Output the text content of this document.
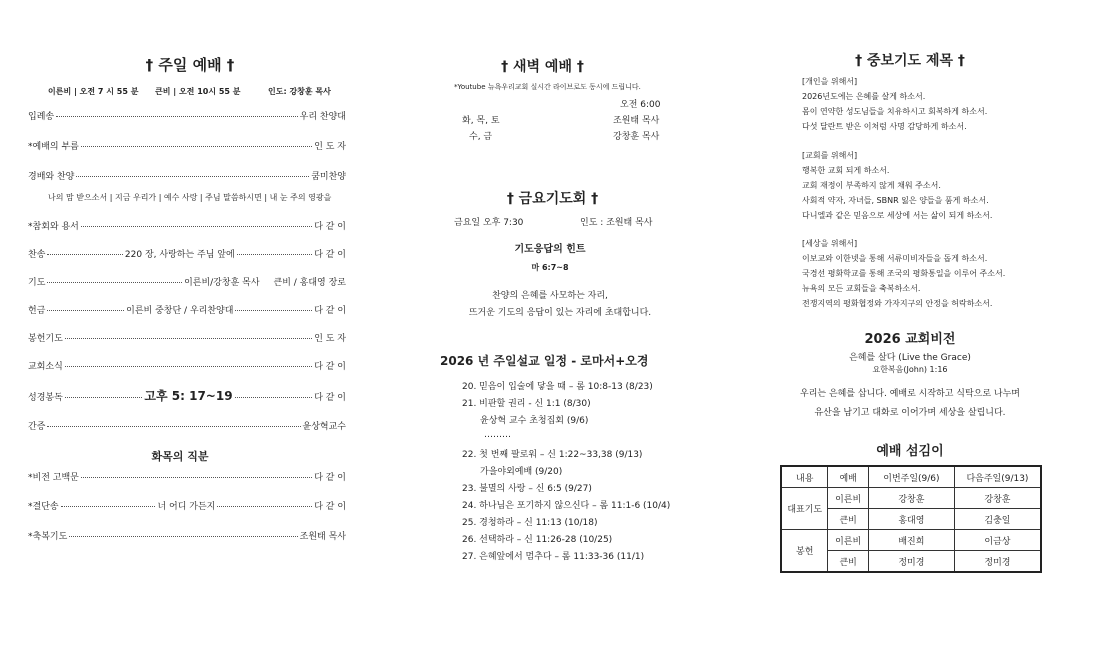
† 주일 예배 †
이른비 | 오전 7 시 55 분 큰비 | 오전 10시 55 분	인도: 강창훈 목사
입례송	우리 찬양대
*예배의 부름	인 도 자
경배와 찬양	쿰미찬양
나의 맘 받으소서 | 지금 우리가 | 예수 사랑 | 주님 말씀하시면 | 내 눈 주의 영광을
*참회와 용서	다 같 이
찬송	220 장, 사랑하는 주님 앞에	다 같 이
기도	이른비/강창훈 목사 큰비 / 홍대영 장로
헌금	이른비 중창단 / 우리찬양대	다 같 이
봉헌기도	인 도 자
교회소식	다 같 이
성경봉독	고후 5: 17~19	다 같 이
간증	윤상혁교수
화목의 직분
*비전 고백문	다 같 이
*결단송	너 어디 가든지	다 같 이
*축복기도	조원태 목사
† 새벽 예배 †
*Youtube 뉴욕우리교회 실시간 라이브로도 동시에 드립니다.
오전 6:00
화, 목, 토	조원태 목사
수, 금	강창훈 목사
† 금요기도회 †
금요일 오후 7:30	인도 : 조원태 목사
기도응답의 힌트
마 6:7~8
찬양의 은혜를 사모하는 자리,
뜨거운 기도의 응답이 있는 자리에 초대합니다.
2026 년 주일설교 일정 - 로마서+오경
20. 믿음이 입술에 닿을 때 – 롬 10:8-13 (8/23)
21. 비판할 권리 - 신 1:1 (8/30)
윤상혁 교수 초청집회 (9/6)
………
22. 첫 번째 팔로워 – 신 1:22~33,38 (9/13)
가을야외예배 (9/20)
23. 불멸의 사랑 – 신 6:5 (9/27)
24. 하나님은 포기하지 않으신다 – 롬 11:1-6 (10/4)
25. 경청하라 – 신 11:13 (10/18)
26. 선택하라 – 신 11:26-28 (10/25)
27. 은혜앞에서 멈추다 – 롬 11:33-36 (11/1)
† 중보기도 제목 †
[개인을 위해서]
2026년도에는 은혜를 살게 하소서.
몸이 연약한 성도님들을 치유하시고 회복하게 하소서.
다섯 달란트 받은 이처럼 사명 감당하게 하소서.
[교회를 위해서]
행복한 교회 되게 하소서.
교회 재정이 부족하지 않게 채워 주소서.
사회적 약자, 자녀들, SBNR 잃은 양들을 품게 하소서.
다니엘과 같은 믿음으로 세상에 서는 삶이 되게 하소서.
[세상을 위해서]
이보교와 이한넷을 통해 서류미비자들을 돕게 하소서.
국경선 평화학교를 통해 조국의 평화통일을 이루어 주소서.
뉴욕의 모든 교회들을 축복하소서.
전쟁지역의 평화협정와 가자지구의 안정을 허락하소서.
2026 교회비전
은혜를 살다 (Live the Grace)
요한복음(John) 1:16
우리는 은혜를 삽니다. 예배로 시작하고 식탁으로 나누며
유산을 남기고 대화로 이어가며 세상을 살립니다.
예배 섬김이
내용	예배	이번주일(9/6)	다음주일(9/13)
대표기도	이른비	강창훈	강창훈
	큰비	홍대영	김충일
봉헌	이른비	배진희	이금상
	큰비	정미경	정미경
